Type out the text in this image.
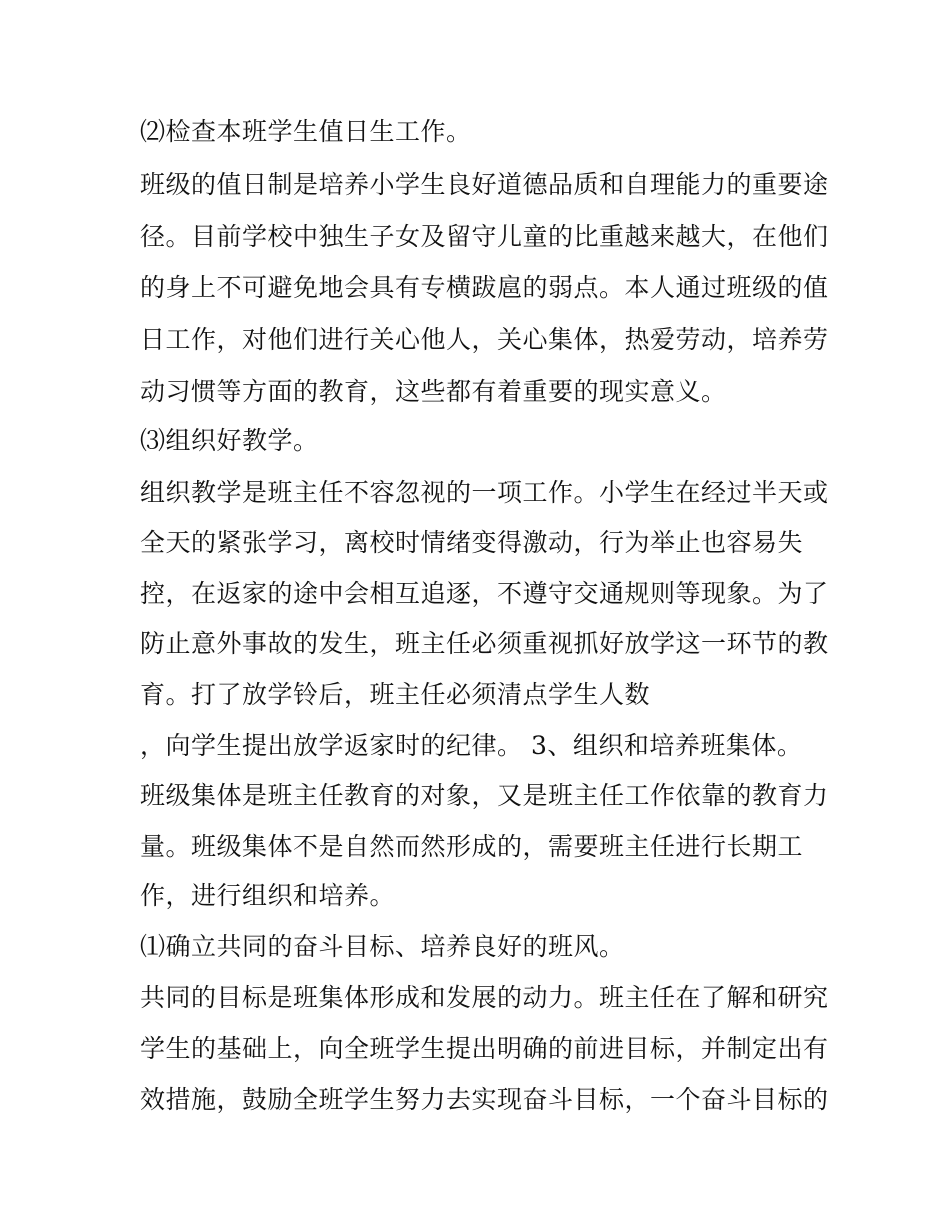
⑵检查本班学生值日生工作。
班级的值日制是培养小学生良好道德品质和自理能力的重要途
径。目前学校中独生子女及留守儿童的比重越来越大，在他们
的身上不可避免地会具有专横跋扈的弱点。本人通过班级的值
日工作，对他们进行关心他人，关心集体，热爱劳动，培养劳
动习惯等方面的教育，这些都有着重要的现实意义。
⑶组织好教学。
组织教学是班主任不容忽视的一项工作。小学生在经过半天或
全天的紧张学习，离校时情绪变得激动，行为举止也容易失
控，在返家的途中会相互追逐，不遵守交通规则等现象。为了
防止意外事故的发生，班主任必须重视抓好放学这一环节的教
育。打了放学铃后，班主任必须清点学生人数
，向学生提出放学返家时的纪律。 3、组织和培养班集体。
班级集体是班主任教育的对象，又是班主任工作依靠的教育力
量。班级集体不是自然而然形成的，需要班主任进行长期工
作，进行组织和培养。
⑴确立共同的奋斗目标、培养良好的班风。
共同的目标是班集体形成和发展的动力。班主任在了解和研究
学生的基础上，向全班学生提出明确的前进目标，并制定出有
效措施，鼓励全班学生努力去实现奋斗目标，一个奋斗目标的
